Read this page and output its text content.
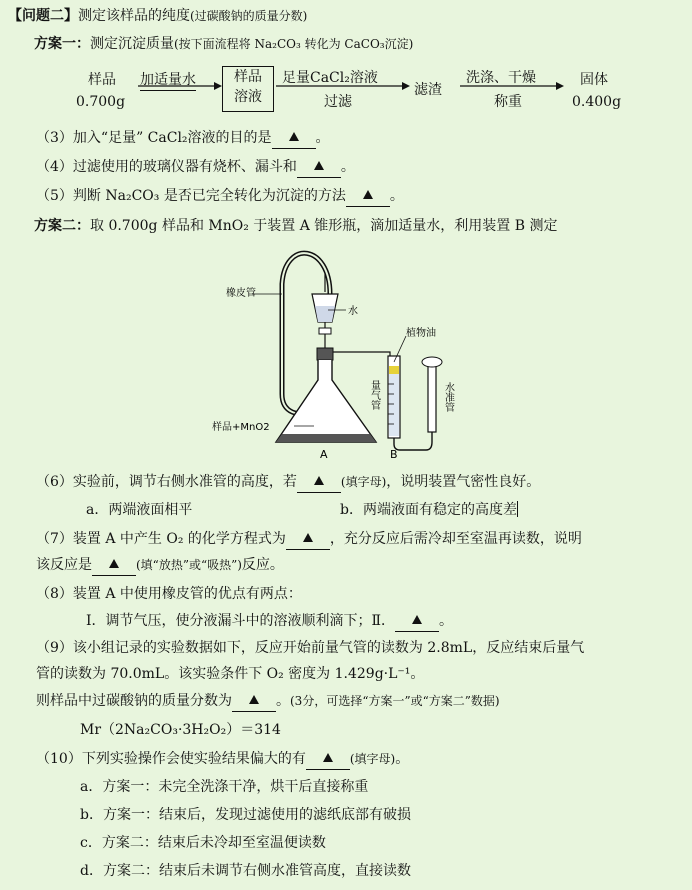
【问题二】测定该样品的纯度(过碳酸钠的质量分数)
方案一：测定沉淀质量(按下面流程将 Na₂CO₃ 转化为 CaCO₃沉淀)
样品
0.700g
加适量水	样品
溶液
足量CaCl₂溶液
过滤
滤渣
洗涤、干燥
称重
固体
0.400g
（3）加入“足量” CaCl₂溶液的目的是	。
（4）过滤使用的玻璃仪器有烧杯、漏斗和	。
（5）判断 Na₂CO₃ 是否已完全转化为沉淀的方法	。
方案二：取 0.700g 样品和 MnO₂ 于装置 A 锥形瓶，滴加适量水，利用装置 B 测定
橡皮管
水
植物油
样品+MnO2
A	B
量气管	水准管
（6）实验前，调节右侧水准管的高度，若	(填字母)，说明装置气密性良好。
a．两端液面相平	b．两端液面有稳定的高度差
（7）装置 A 中产生 O₂ 的化学方程式为	，充分反应后需冷却至室温再读数，说明
该反应是	(填“放热”或“吸热”)反应。
（8）装置 A 中使用橡皮管的优点有两点：
Ⅰ．调节气压，使分液漏斗中的溶液顺利滴下；Ⅱ．	。
（9）该小组记录的实验数据如下，反应开始前量气管的读数为 2.8mL，反应结束后量气
管的读数为 70.0mL。该实验条件下 O₂ 密度为 1.429g·L⁻¹。
则样品中过碳酸钠的质量分数为	。(3分，可选择“方案一”或“方案二”数据)
Mr（2Na₂CO₃·3H₂O₂）＝314
（10）下列实验操作会使实验结果偏大的有	(填字母)。
a．方案一：未完全洗涤干净，烘干后直接称重
b．方案一：结束后，发现过滤使用的滤纸底部有破损
c．方案二：结束后未冷却至室温便读数
d．方案二：结束后未调节右侧水准管高度，直接读数
